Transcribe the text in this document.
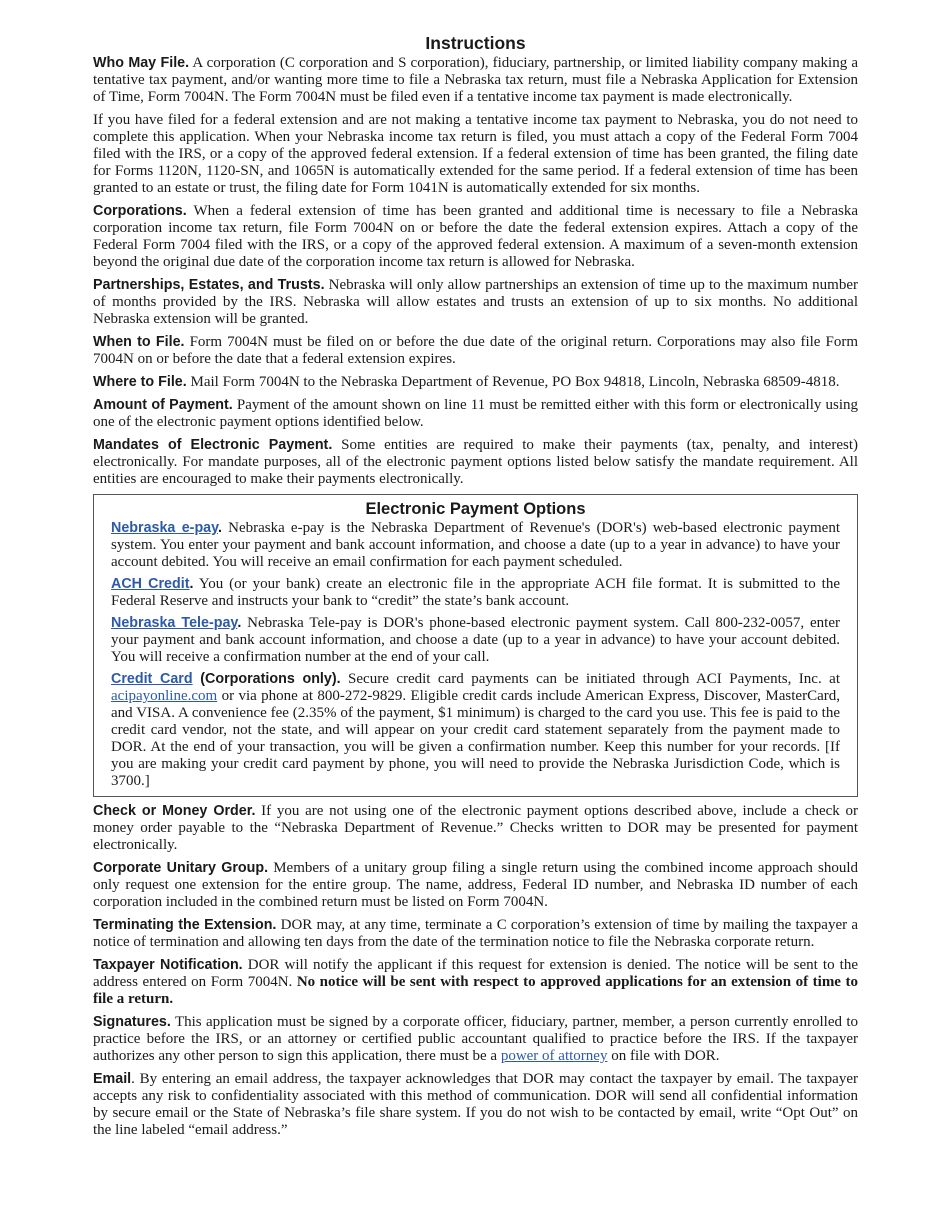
Instructions

Who May File. A corporation (C corporation and S corporation), fiduciary, partnership, or limited liability company making a tentative tax payment, and/or wanting more time to file a Nebraska tax return, must file a Nebraska Application for Extension of Time, Form 7004N. The Form 7004N must be filed even if a tentative income tax payment is made electronically.

If you have filed for a federal extension and are not making a tentative income tax payment to Nebraska, you do not need to complete this application. When your Nebraska income tax return is filed, you must attach a copy of the Federal Form 7004 filed with the IRS, or a copy of the approved federal extension. If a federal extension of time has been granted, the filing date for Forms 1120N, 1120-SN, and 1065N is automatically extended for the same period. If a federal extension of time has been granted to an estate or trust, the filing date for Form 1041N is automatically extended for six months.

Corporations. When a federal extension of time has been granted and additional time is necessary to file a Nebraska corporation income tax return, file Form 7004N on or before the date the federal extension expires. Attach a copy of the Federal Form 7004 filed with the IRS, or a copy of the approved federal extension. A maximum of a seven-month extension beyond the original due date of the corporation income tax return is allowed for Nebraska.

Partnerships, Estates, and Trusts. Nebraska will only allow partnerships an extension of time up to the maximum number of months provided by the IRS. Nebraska will allow estates and trusts an extension of up to six months. No additional Nebraska extension will be granted.

When to File. Form 7004N must be filed on or before the due date of the original return. Corporations may also file Form 7004N on or before the date that a federal extension expires.

Where to File. Mail Form 7004N to the Nebraska Department of Revenue, PO Box 94818, Lincoln, Nebraska 68509-4818.

Amount of Payment. Payment of the amount shown on line 11 must be remitted either with this form or electronically using one of the electronic payment options identified below.

Mandates of Electronic Payment. Some entities are required to make their payments (tax, penalty, and interest) electronically. For mandate purposes, all of the electronic payment options listed below satisfy the mandate requirement. All entities are encouraged to make their payments electronically.

Electronic Payment Options

Nebraska e-pay. Nebraska e-pay is the Nebraska Department of Revenue's (DOR's) web-based electronic payment system. You enter your payment and bank account information, and choose a date (up to a year in advance) to have your account debited. You will receive an email confirmation for each payment scheduled.

ACH Credit. You (or your bank) create an electronic file in the appropriate ACH file format. It is submitted to the Federal Reserve and instructs your bank to “credit” the state’s bank account.

Nebraska Tele-pay. Nebraska Tele-pay is DOR's phone-based electronic payment system. Call 800-232-0057, enter your payment and bank account information, and choose a date (up to a year in advance) to have your account debited. You will receive a confirmation number at the end of your call.

Credit Card (Corporations only). Secure credit card payments can be initiated through ACI Payments, Inc. at acipayonline.com or via phone at 800-272-9829. Eligible credit cards include American Express, Discover, MasterCard, and VISA. A convenience fee (2.35% of the payment, $1 minimum) is charged to the card you use. This fee is paid to the credit card vendor, not the state, and will appear on your credit card statement separately from the payment made to DOR. At the end of your transaction, you will be given a confirmation number. Keep this number for your records. [If you are making your credit card payment by phone, you will need to provide the Nebraska Jurisdiction Code, which is 3700.]

Check or Money Order. If you are not using one of the electronic payment options described above, include a check or money order payable to the “Nebraska Department of Revenue.” Checks written to DOR may be presented for payment electronically.

Corporate Unitary Group. Members of a unitary group filing a single return using the combined income approach should only request one extension for the entire group. The name, address, Federal ID number, and Nebraska ID number of each corporation included in the combined return must be listed on Form 7004N.

Terminating the Extension. DOR may, at any time, terminate a C corporation’s extension of time by mailing the taxpayer a notice of termination and allowing ten days from the date of the termination notice to file the Nebraska corporate return.

Taxpayer Notification. DOR will notify the applicant if this request for extension is denied. The notice will be sent to the address entered on Form 7004N. No notice will be sent with respect to approved applications for an extension of time to file a return.

Signatures. This application must be signed by a corporate officer, fiduciary, partner, member, a person currently enrolled to practice before the IRS, or an attorney or certified public accountant qualified to practice before the IRS. If the taxpayer authorizes any other person to sign this application, there must be a power of attorney on file with DOR.

Email. By entering an email address, the taxpayer acknowledges that DOR may contact the taxpayer by email. The taxpayer accepts any risk to confidentiality associated with this method of communication. DOR will send all confidential information by secure email or the State of Nebraska’s file share system. If you do not wish to be contacted by email, write “Opt Out” on the line labeled “email address.”
